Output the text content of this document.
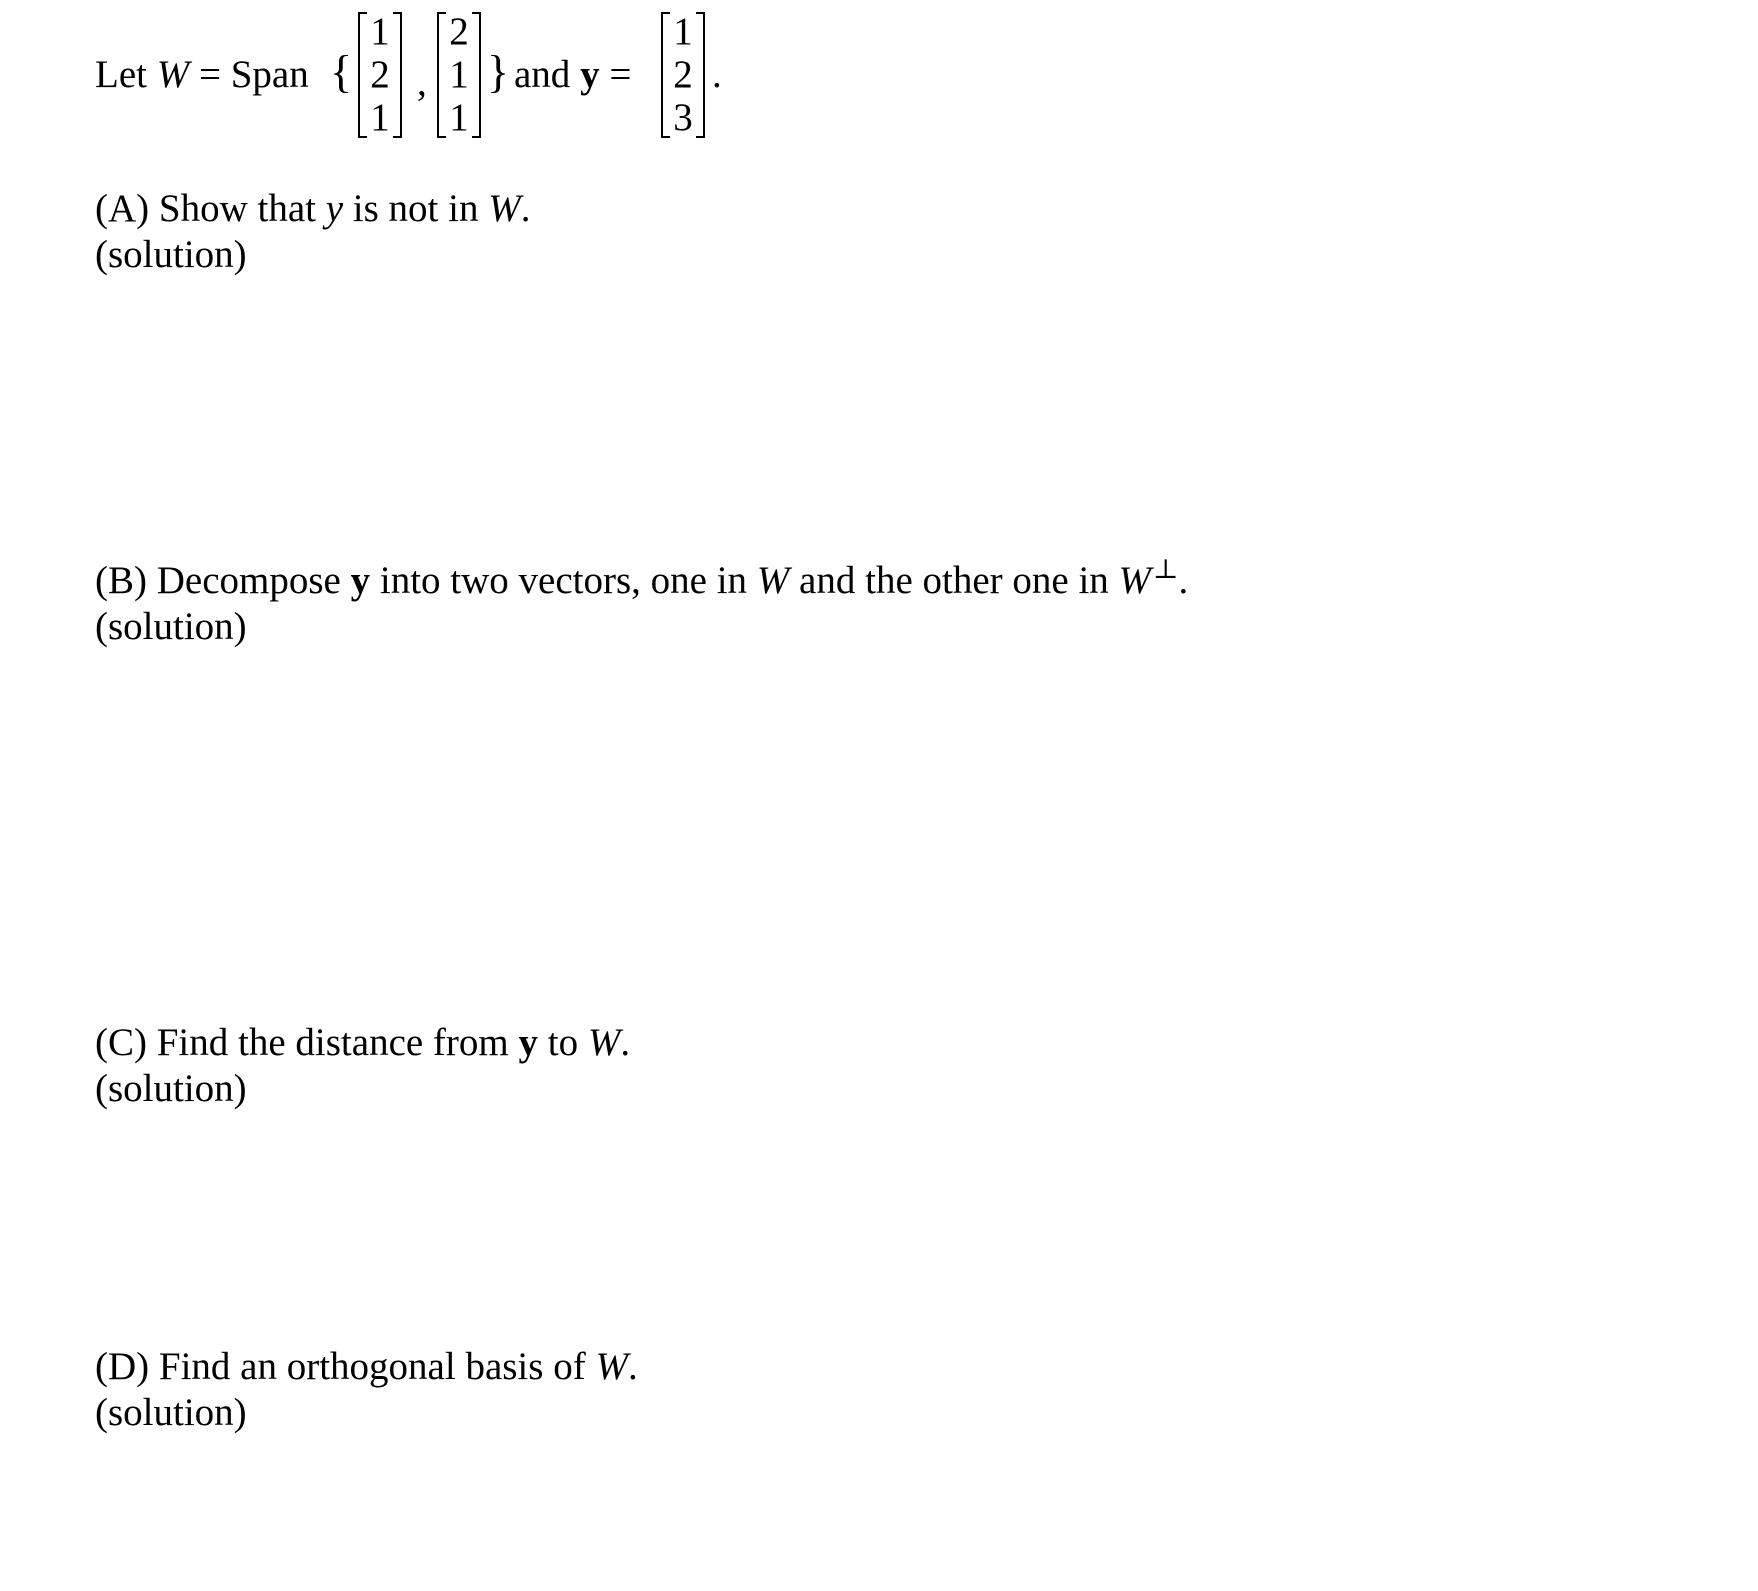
Let W = Span {
1
2
1
,
2
1
1
} and y =
1
2
3
.
(A) Show that y is not in W.
(solution)
(B) Decompose y into two vectors, one in W and the other one in W⊥.
(solution)
(C) Find the distance from y to W.
(solution)
(D) Find an orthogonal basis of W.
(solution)
